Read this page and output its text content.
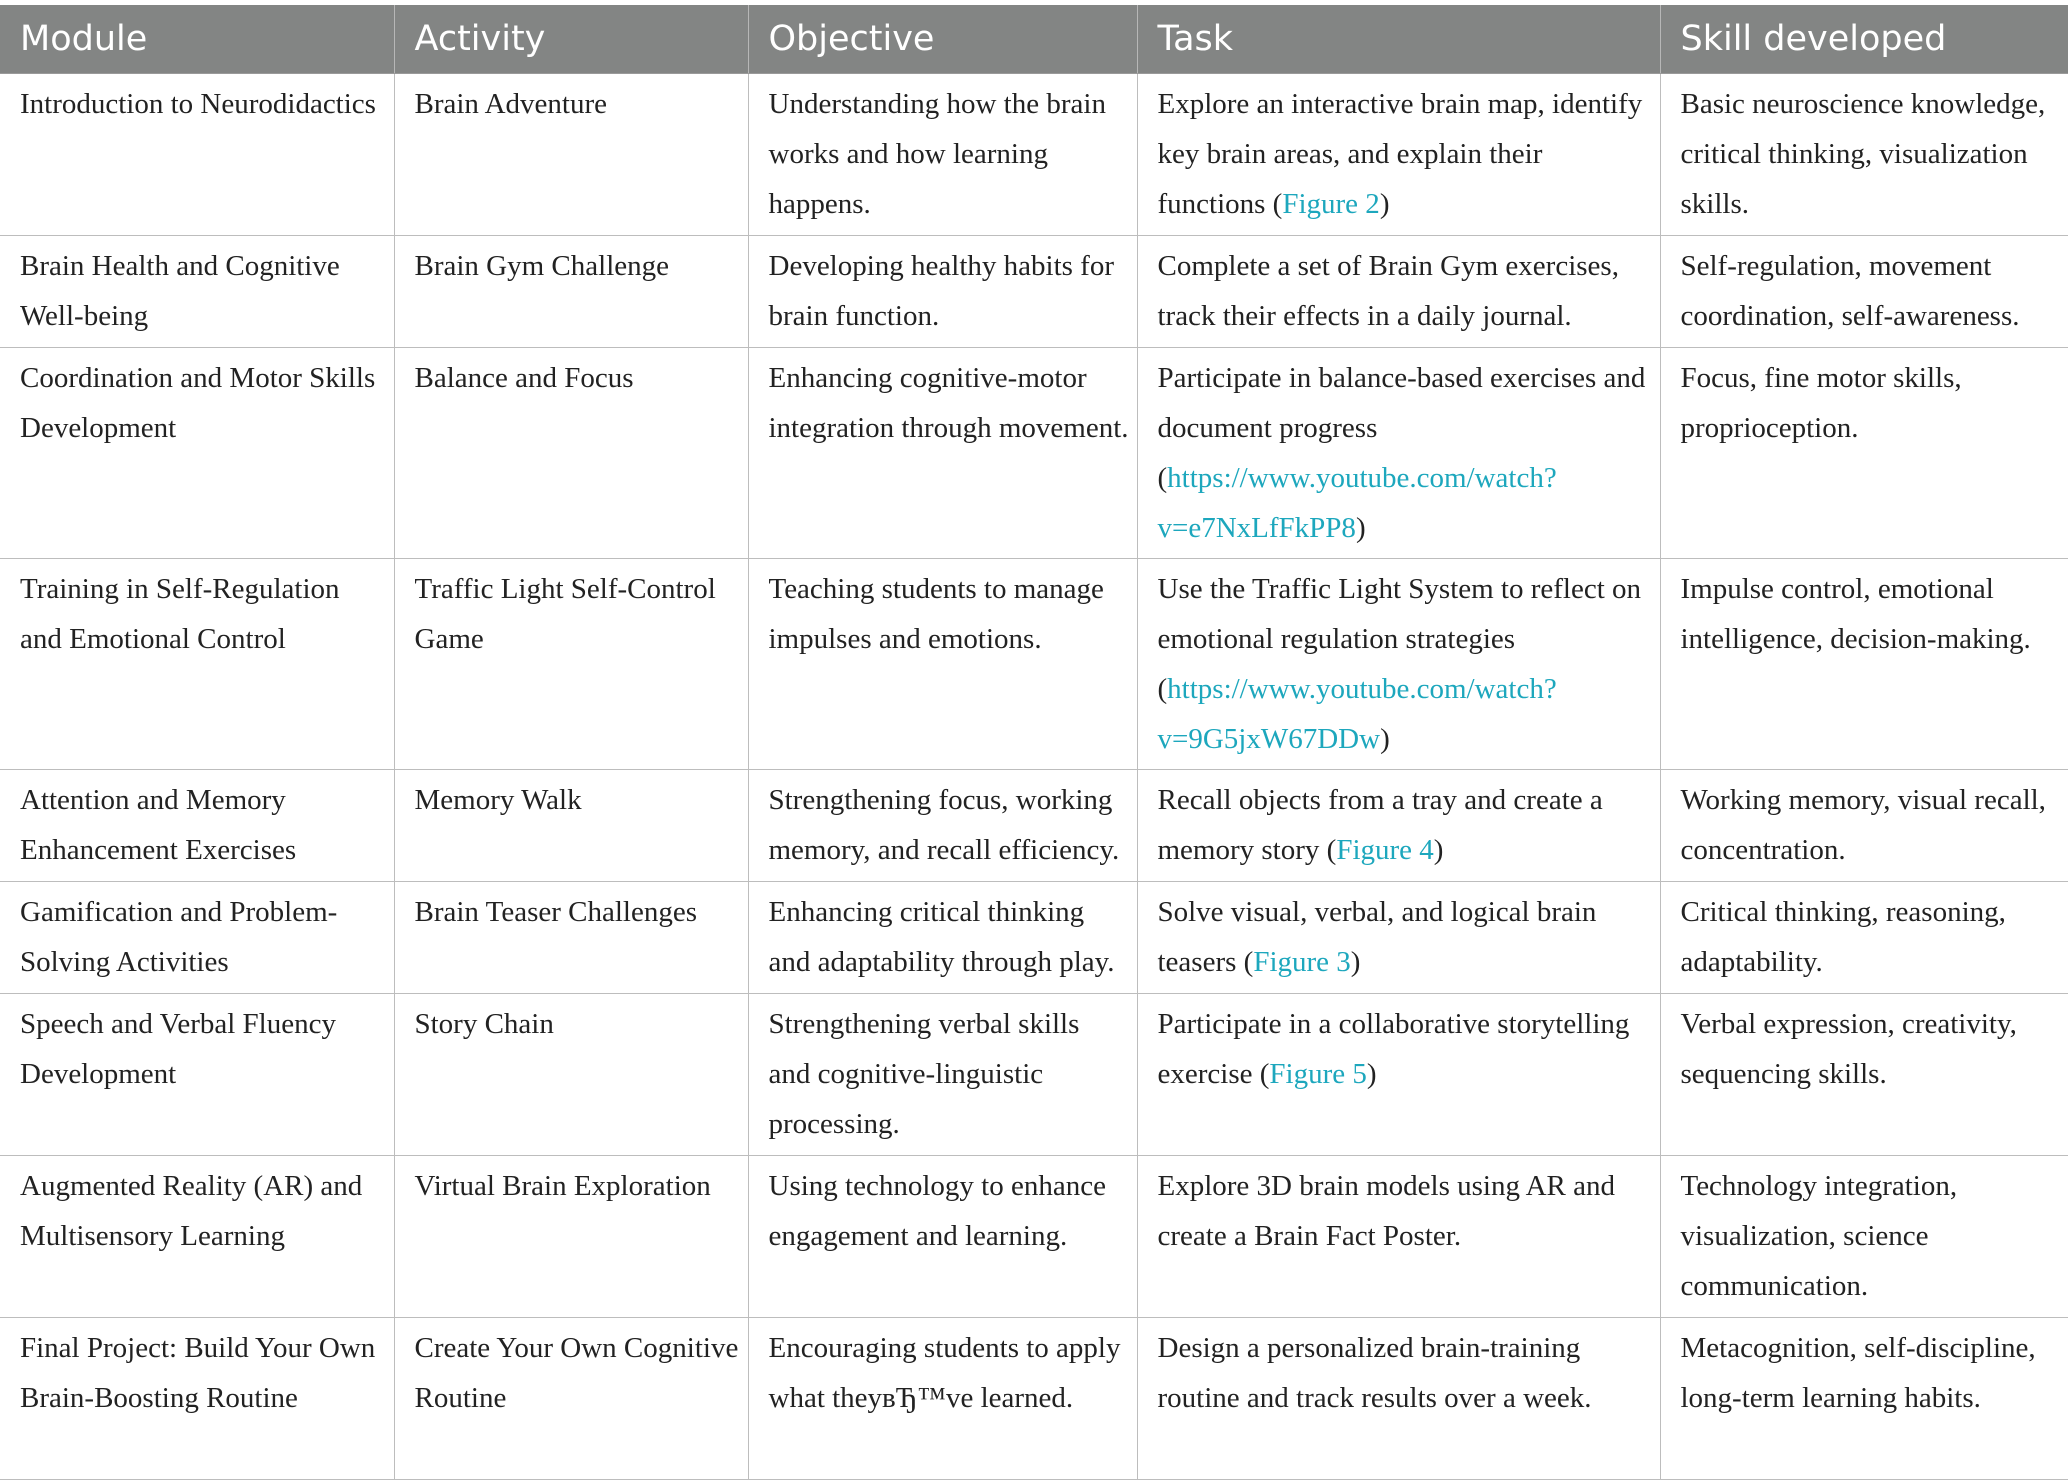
Module	Activity	Objective	Task	Skill developed
Introduction to Neurodidactics	Brain Adventure	Understanding how the brain works and how learning happens.	Explore an interactive brain map, identify key brain areas, and explain their functions (Figure 2)	Basic neuroscience knowledge, critical thinking, visualization skills.
Brain Health and Cognitive Well-being	Brain Gym Challenge	Developing healthy habits for brain function.	Complete a set of Brain Gym exercises, track their effects in a daily journal.	Self-regulation, movement coordination, self-awareness.
Coordination and Motor Skills Development	Balance and Focus	Enhancing cognitive-motor integration through movement.	Participate in balance-based exercises and document progress (https://www.youtube.com/watch?v=e7NxLfFkPP8)	Focus, fine motor skills, proprioception.
Training in Self-Regulation and Emotional Control	Traffic Light Self-Control Game	Teaching students to manage impulses and emotions.	Use the Traffic Light System to reflect on emotional regulation strategies (https://www.youtube.com/watch?v=9G5jxW67DDw)	Impulse control, emotional intelligence, decision-making.
Attention and Memory Enhancement Exercises	Memory Walk	Strengthening focus, working memory, and recall efficiency.	Recall objects from a tray and create a memory story (Figure 4)	Working memory, visual recall, concentration.
Gamification and Problem-Solving Activities	Brain Teaser Challenges	Enhancing critical thinking and adaptability through play.	Solve visual, verbal, and logical brain teasers (Figure 3)	Critical thinking, reasoning, adaptability.
Speech and Verbal Fluency Development	Story Chain	Strengthening verbal skills and cognitive-linguistic processing.	Participate in a collaborative storytelling exercise (Figure 5)	Verbal expression, creativity, sequencing skills.
Augmented Reality (AR) and Multisensory Learning	Virtual Brain Exploration	Using technology to enhance engagement and learning.	Explore 3D brain models using AR and create a Brain Fact Poster.	Technology integration, visualization, science communication.
Final Project: Build Your Own Brain-Boosting Routine	Create Your Own Cognitive Routine	Encouraging students to apply what theyвЂ™ve learned.	Design a personalized brain-training routine and track results over a week.	Metacognition, self-discipline, long-term learning habits.
